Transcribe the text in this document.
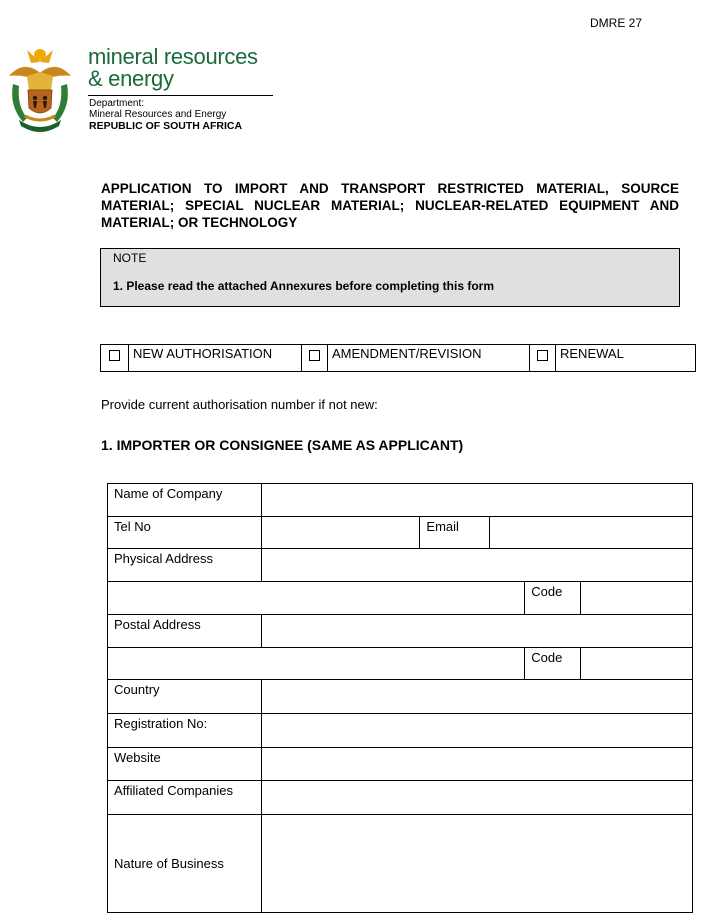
DMRE 27
mineral resources
& energy
Department:
Mineral Resources and Energy
REPUBLIC OF SOUTH AFRICA
APPLICATION TO IMPORT AND TRANSPORT RESTRICTED MATERIAL, SOURCE MATERIAL; SPECIAL NUCLEAR MATERIAL; NUCLEAR-RELATED EQUIPMENT AND MATERIAL; OR TECHNOLOGY
NOTE
1. Please read the attached Annexures before completing this form
	NEW AUTHORISATION		AMENDMENT/REVISION		RENEWAL
Provide current authorisation number if not new:
1. IMPORTER OR CONSIGNEE (SAME AS APPLICANT)
Name of Company					
Tel No		Email			
Physical Address					
				Code	
Postal Address					
				Code	
Country					
Registration No:					
Website					
Affiliated Companies					
Nature of Business					
